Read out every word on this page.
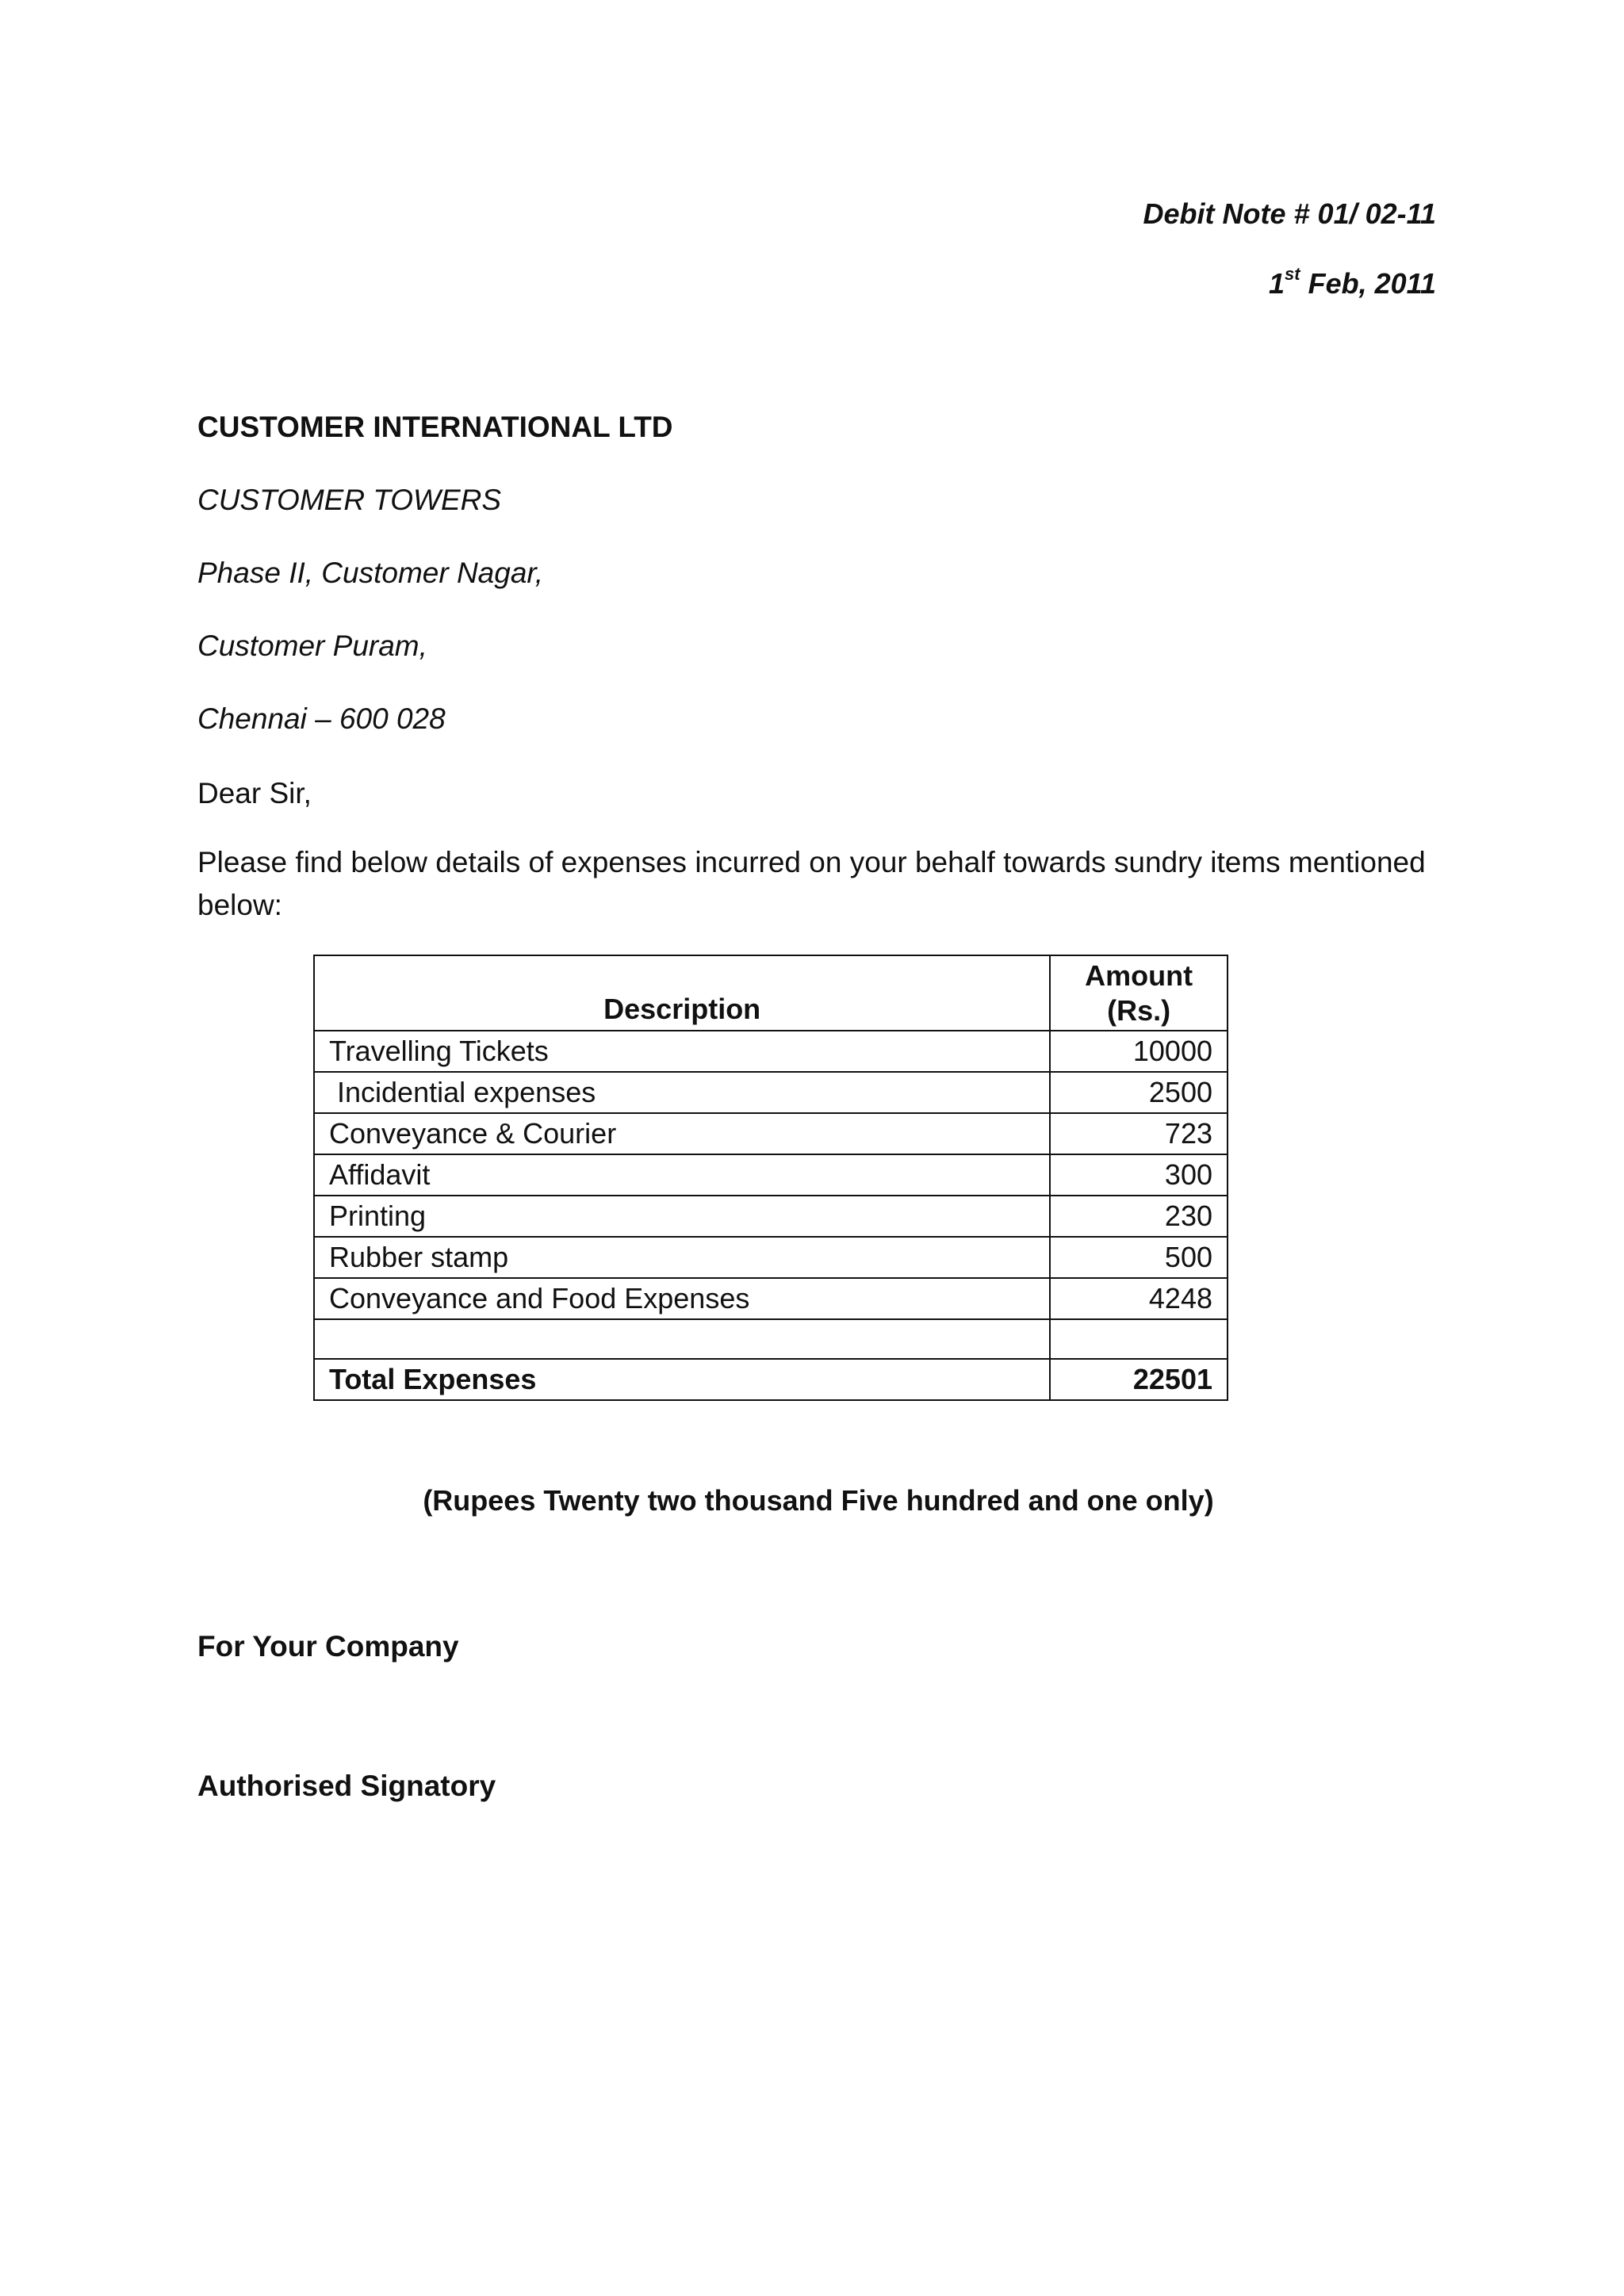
Debit Note # 01/ 02-11
1st Feb, 2011
CUSTOMER INTERNATIONAL LTD
CUSTOMER TOWERS
Phase II, Customer Nagar,
Customer Puram,
Chennai – 600 028
Dear Sir,
Please find below details of expenses incurred on your behalf towards sundry items mentioned below:
Description	Amount
(Rs.)
Travelling Tickets	10000
Incidential expenses	2500
Conveyance & Courier	723
Affidavit	300
Printing	230
Rubber stamp	500
Conveyance and Food Expenses	4248

Total Expenses	22501
(Rupees Twenty two thousand Five hundred and one only)
For Your Company
Authorised Signatory
